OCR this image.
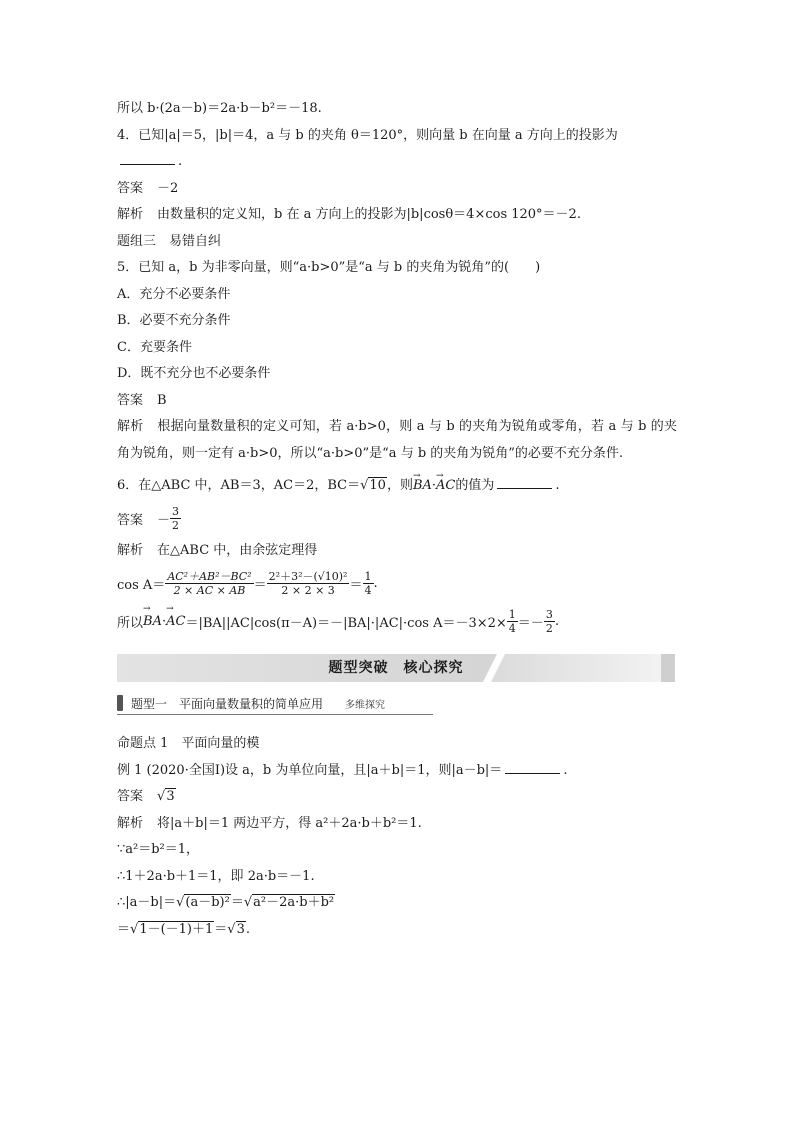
所以 b·(2a－b)＝2a·b－b²＝－18.
4．已知|a|＝5，|b|＝4，a 与 b 的夹角 θ＝120°，则向量 b 在向量 a 方向上的投影为
.
答案 －2
解析 由数量积的定义知，b 在 a 方向上的投影为|b|cosθ＝4×cos 120°＝－2.
题组三　易错自纠
5．已知 a，b 为非零向量，则“a·b>0”是“a 与 b 的夹角为锐角”的(　　)
A．充分不必要条件
B．必要不充分条件
C．充要条件
D．既不充分也不必要条件
答案 B
解析 根据向量数量积的定义可知，若 a·b>0，则 a 与 b 的夹角为锐角或零角，若 a 与 b 的夹角为锐角，则一定有 a·b>0，所以“a·b>0”是“a 与 b 的夹角为锐角”的必要不充分条件.
6．在△ABC 中，AB＝3，AC＝2，BC＝√10，则→ BA·→ AC的值为	.
答案 － $\frac{3}{2}$
解析 在△ABC 中，由余弦定理得
$\cos A= \frac{\text{AC²＋AB²－BC²}}{2 \times AC \times AB} = \frac{\text{2²＋3²－(√10)²}}{2 \times 2 \times 3} = \frac{1}{4}$ .
所以 → BA · → AC ＝|BA||AC|cos(π－A)＝－|BA|·|AC|·cos $A=-3\times 2\times \frac{1}{4} =- \frac{3}{2}$ .
题型突破　核心探究
题型一　平面向量数量积的简单应用 多维探究
命题点 1　平面向量的模
例 1 (2020·全国Ⅰ)设 a，b 为单位向量，且|a＋b|＝1，则|a－b|＝	.
答案 √3
解析 将|a＋b|＝1 两边平方，得 a²＋2a·b＋b²＝1.
∵a²＝b²＝1，
∴1＋2a·b＋1＝1，即 2a·b＝－1.
∴|a－b|＝√(a－b)²＝√a²－2a·b＋b²
＝√1－(－1)＋1＝√3.
